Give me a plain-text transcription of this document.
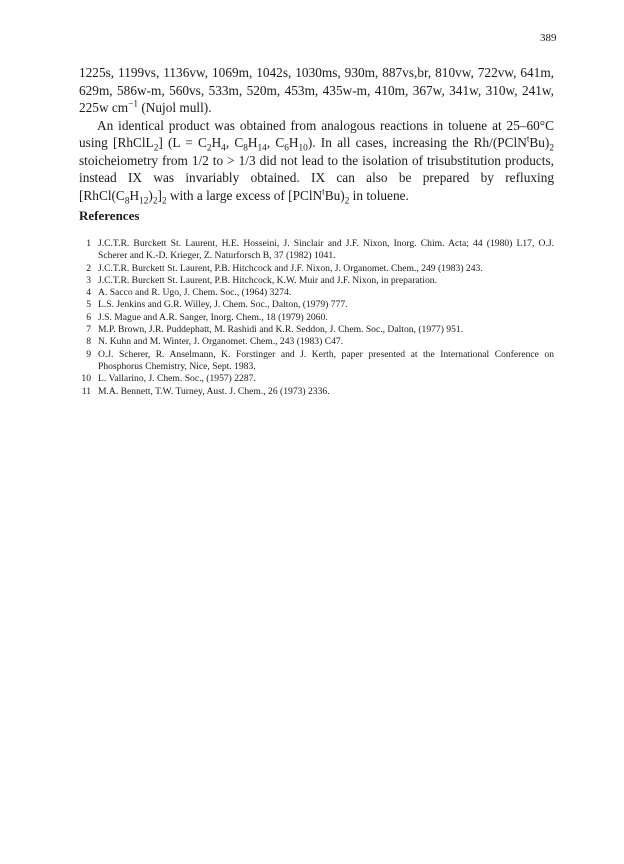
389

1225s, 1199vs, 1136vw, 1069m, 1042s, 1030ms, 930m, 887vs,br, 810vw, 722vw, 641m, 629m, 586w-m, 560vs, 533m, 520m, 453m, 435w-m, 410m, 367w, 341w, 310w, 241w, 225w $cm^{-1}$ (Nujol mull).

An identical product was obtained from analogous reactions in toluene at 25–60°C using [RhClL$_2$] ($L = C_2H_4$, $C_8H_{14}$, $C_6H_{10}$). In all cases, increasing the $Rh/(PClN^tBu)_2$ stoicheiometry from 1/2 to > 1/3 did not lead to the isolation of trisubstitution products, instead IX was invariably obtained. IX can also be prepared by refluxing $[RhCl(C_8H_{12})_2]_2$ with a large excess of $[PClN^tBu)_2$ in toluene.

References
1 J.C.T.R. Burckett St. Laurent, H.E. Hosseini, J. Sinclair and J.F. Nixon, Inorg. Chim. Acta; 44 (1980) L17, O.J. Scherer and K.-D. Krieger, Z. Naturforsch B, 37 (1982) 1041.
2 J.C.T.R. Burckett St. Laurent, P.B. Hitchcock and J.F. Nixon, J. Organomet. Chem., 249 (1983) 243.
3 J.C.T.R. Burckett St. Laurent, P.B. Hitchcock, K.W. Muir and J.F. Nixon, in preparation.
4 A. Sacco and R. Ugo, J. Chem. Soc., (1964) 3274.
5 L.S. Jenkins and G.R. Willey, J. Chem. Soc., Dalton, (1979) 777.
6 J.S. Mague and A.R. Sanger, Inorg. Chem., 18 (1979) 2060.
7 M.P. Brown, J.R. Puddephatt, M. Rashidi and K.R. Seddon, J. Chem. Soc., Dalton, (1977) 951.
8 N. Kuhn and M. Winter, J. Organomet. Chem., 243 (1983) C47.
9 O.J. Scherer, R. Anselmann, K. Forstinger and J. Kerth, paper presented at the International Conference on Phosphorus Chemistry, Nice, Sept. 1983.
10 L. Vallarino, J. Chem. Soc., (1957) 2287.
11 M.A. Bennett, T.W. Turney, Aust. J. Chem., 26 (1973) 2336.
